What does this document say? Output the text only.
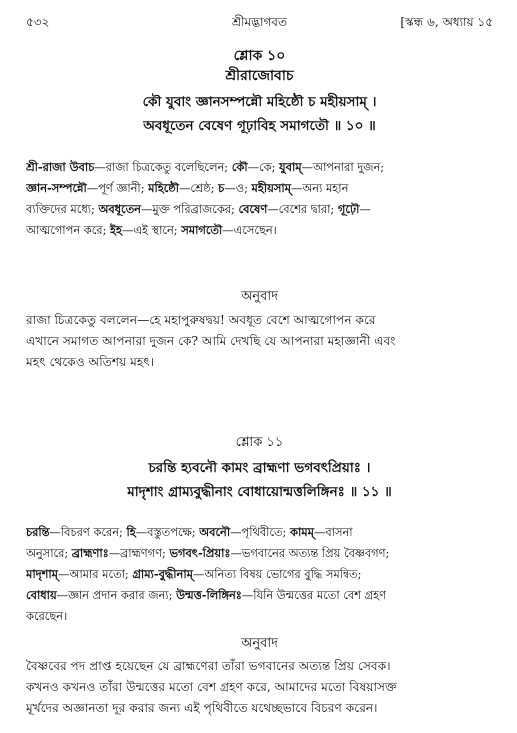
৫৩২	শ্রীমদ্ভাগবত	[স্কন্ধ ৬, অধ্যায় ১৫
শ্লোক ১০
শ্রীরাজোবাচ
কৌ যুবাং জ্ঞানসম্পন্নৌ মহিষ্ঠৌ চ মহীয়সাম্ ।
অবধূতেন বেষেণ গূঢ়াবিহ সমাগতৌ ॥ ১০ ॥
শ্রী-রাজা উবাচ—রাজা চিত্রকেতু বলেছিলেন; কৌ—কে; যুবাম্—আপনারা দুজন;
জ্ঞান-সম্পন্নৌ—পূর্ণ জ্ঞানী; মহিষ্ঠৌ—শ্রেষ্ঠ; চ—ও; মহীয়সাম্—অন্য মহান
ব্যক্তিদের মধ্যে; অবধূতেন—মুক্ত পরিব্রাজকের; বেষেণ—বেশের দ্বারা; গূঢ়ৌ—
আত্মগোপন করে; ইহ—এই স্থানে; সমাগতৌ—এসেছেন।
অনুবাদ
রাজা চিত্রকেতু বললেন—হে মহাপুরুষদ্বয়! অবধূত বেশে আত্মগোপন করে
এখানে সমাগত আপনারা দুজন কে? আমি দেখছি যে আপনারা মহাজ্ঞানী এবং
মহৎ থেকেও অতিশয় মহৎ।
শ্লোক ১১
চরন্তি হ্যবনৌ কামং ব্রাহ্মণা ভগবৎপ্রিয়াঃ ।
মাদৃশাং গ্রাম্যবুদ্ধীনাং বোধায়োন্মত্তলিঙ্গিনঃ ॥ ১১ ॥
চরন্তি—বিচরণ করেন; হি—বস্তুতপক্ষে; অবনৌ—পৃথিবীতে; কামম্—বাসনা
অনুসারে; ব্রাহ্মণাঃ—ব্রাহ্মণগণ; ভগবৎ-প্রিয়াঃ—ভগবানের অত্যন্ত প্রিয় বৈষ্ণবগণ;
মাদৃশাম্—আমার মতো; গ্রাম্য-বুদ্ধীনাম্—অনিত্য বিষয় ভোগের বুদ্ধি সমন্বিত;
বোধায়—জ্ঞান প্রদান করার জন্য; উন্মত্ত-লিঙ্গিনঃ—যিনি উন্মত্তের মতো বেশ গ্রহণ
করেছেন।
অনুবাদ
বৈষ্ণবের পদ প্রাপ্ত হয়েছেন যে ব্রাহ্মণেরা তাঁরা ভগবানের অত্যন্ত প্রিয় সেবক।
কখনও কখনও তাঁরা উন্মত্তের মতো বেশ গ্রহণ করে, আমাদের মতো বিষয়াসক্ত
মূর্খদের অজ্ঞানতা দূর করার জন্য এই পৃথিবীতে যথেচ্ছভাবে বিচরণ করেন।
